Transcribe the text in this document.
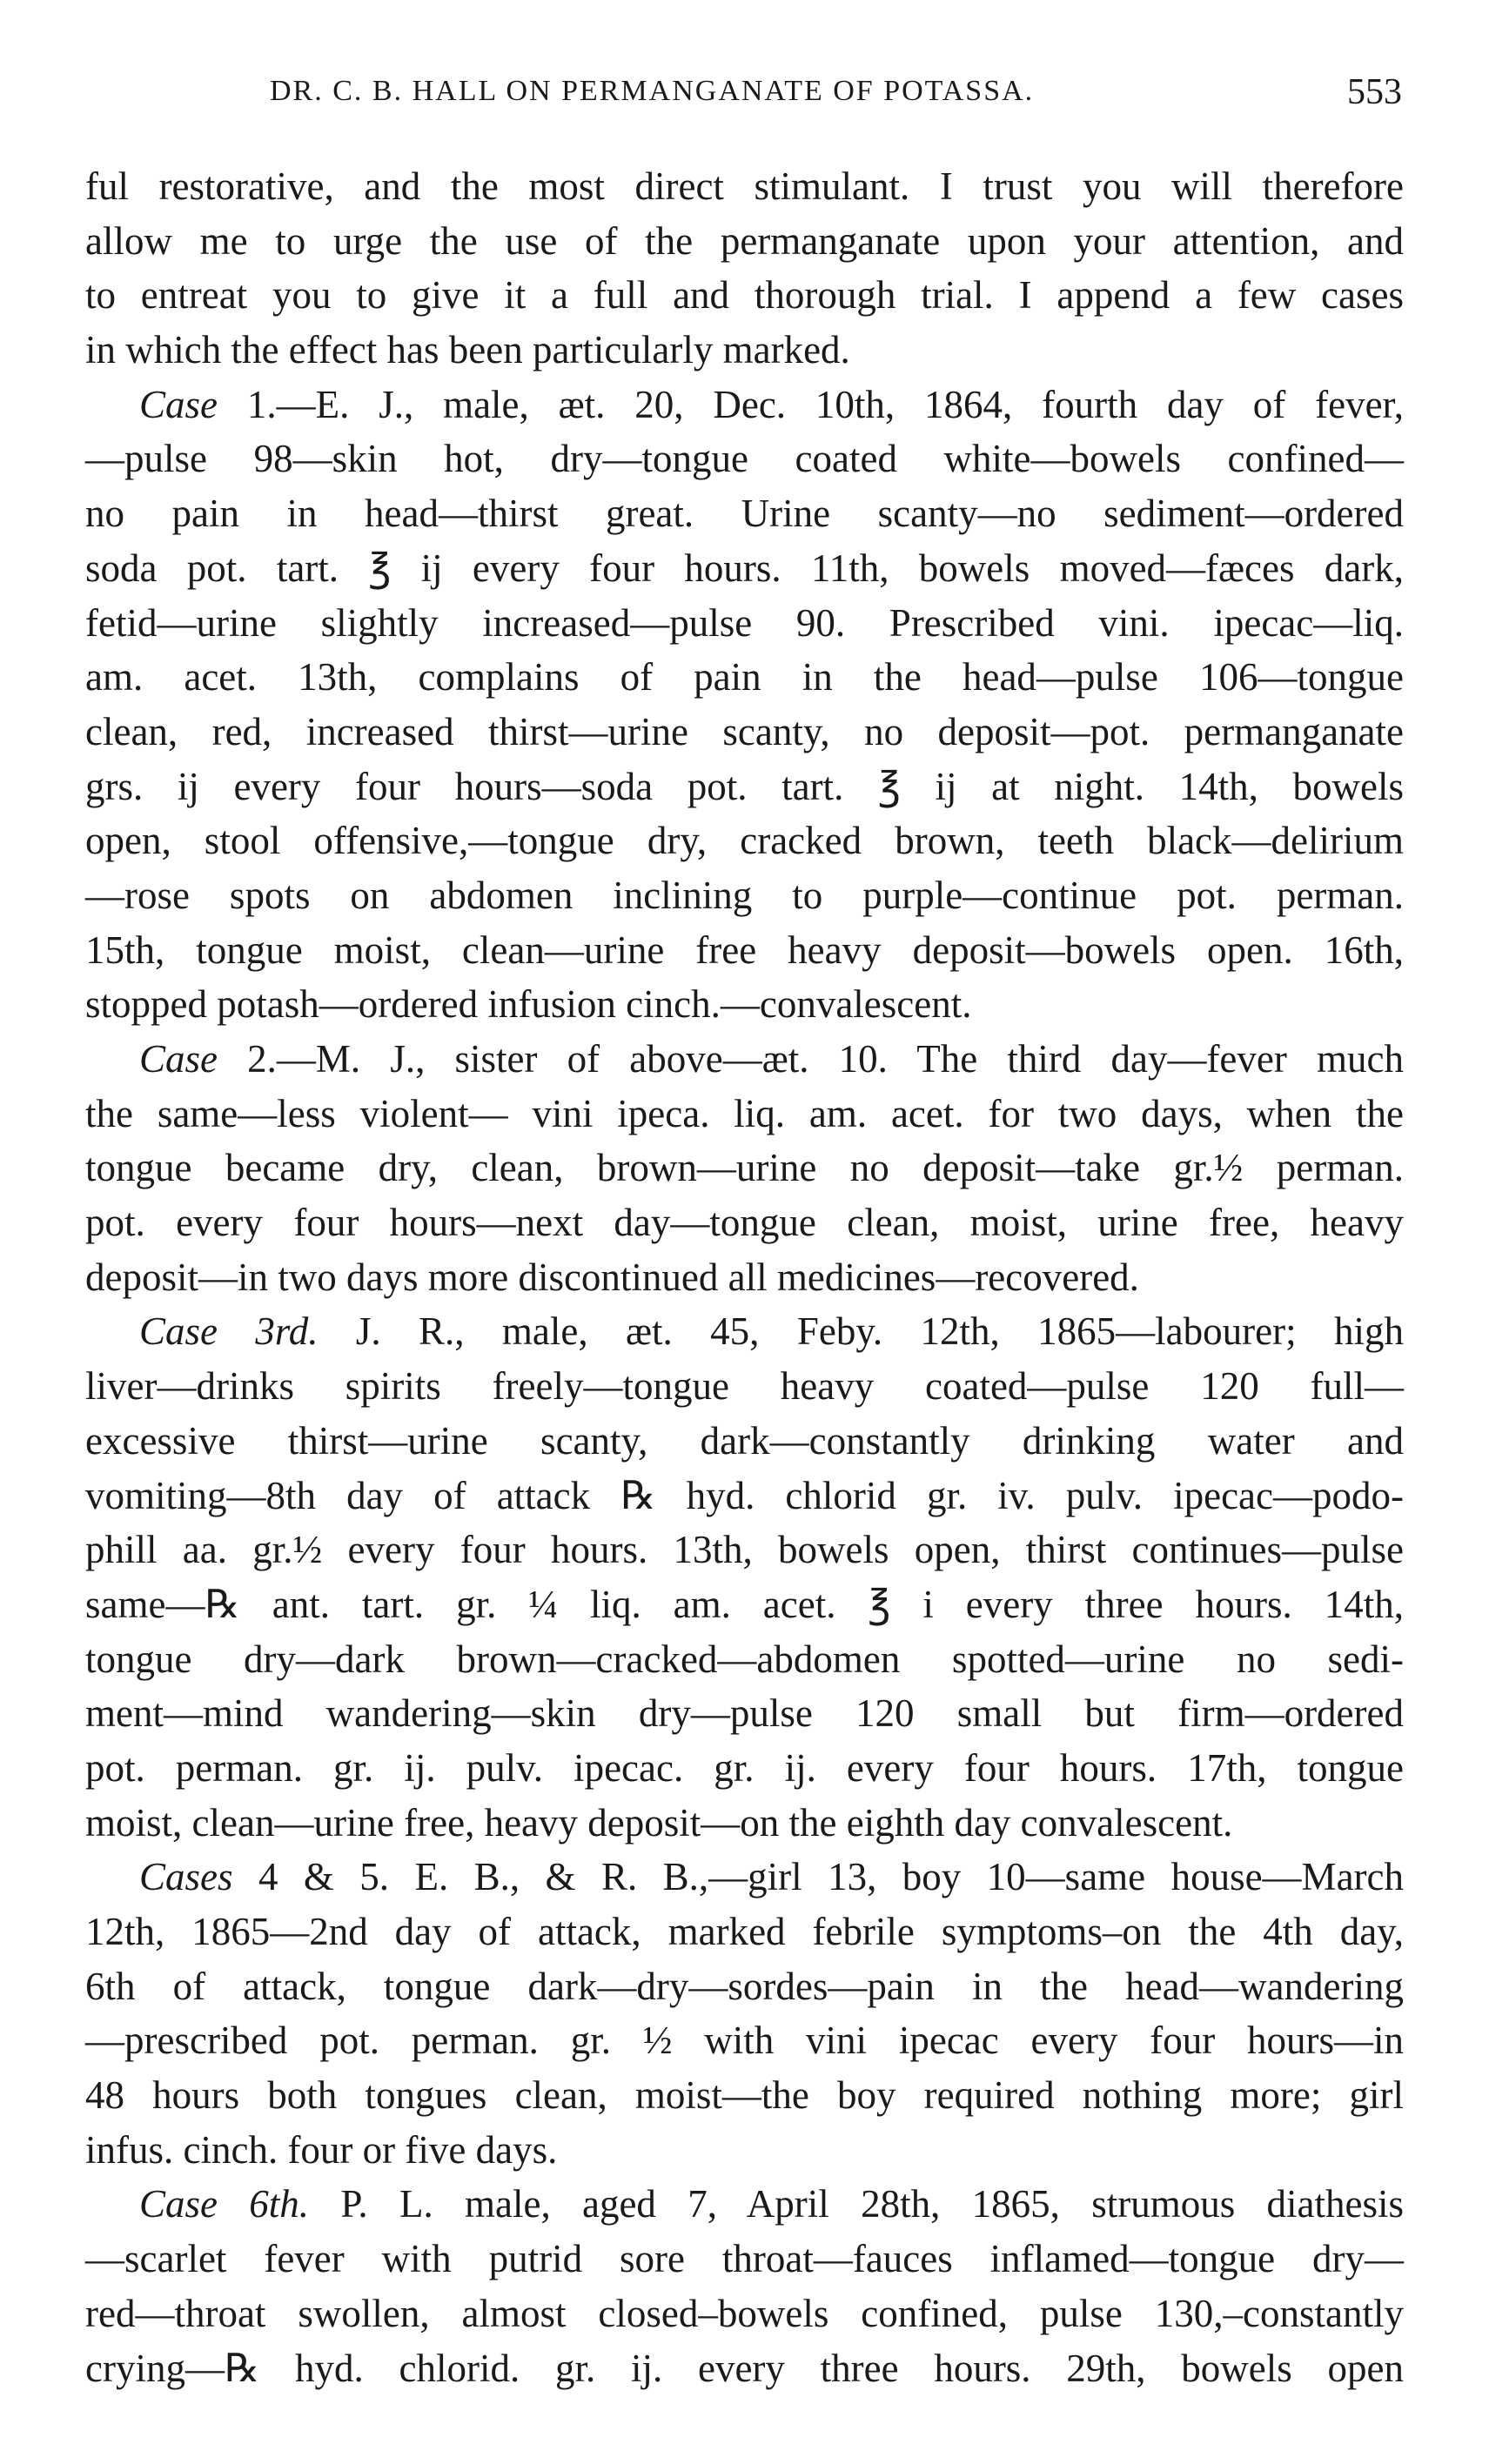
DR. C. B. HALL ON PERMANGANATE OF POTASSA.	553
ful restorative, and the most direct stimulant. I trust you will therefore
allow me to urge the use of the permanganate upon your attention, and
to entreat you to give it a full and thorough trial. I append a few cases
in which the effect has been particularly marked.
Case 1.—E. J., male, æt. 20, Dec. 10th, 1864, fourth day of fever,
—pulse 98—skin hot, dry—tongue coated white—bowels confined—
no pain in head—thirst great. Urine scanty—no sediment—ordered
soda pot. tart. ℥ ij every four hours. 11th, bowels moved—fæces dark,
fetid—urine slightly increased—pulse 90. Prescribed vini. ipecac—liq.
am. acet. 13th, complains of pain in the head—pulse 106—tongue
clean, red, increased thirst—urine scanty, no deposit—pot. permanganate
grs. ij every four hours—soda pot. tart. ℥ ij at night. 14th, bowels
open, stool offensive,—tongue dry, cracked brown, teeth black—delirium
—rose spots on abdomen inclining to purple—continue pot. perman.
15th, tongue moist, clean—urine free heavy deposit—bowels open. 16th,
stopped potash—ordered infusion cinch.—convalescent.
Case 2.—M. J., sister of above—æt. 10. The third day—fever much
the same—less violent— vini ipeca. liq. am. acet. for two days, when the
tongue became dry, clean, brown—urine no deposit—take gr.½ perman.
pot. every four hours—next day—tongue clean, moist, urine free, heavy
deposit—in two days more discontinued all medicines—recovered.
Case 3rd. J. R., male, æt. 45, Feby. 12th, 1865—labourer; high
liver—drinks spirits freely—tongue heavy coated—pulse 120 full—
excessive thirst—urine scanty, dark—constantly drinking water and
vomiting—8th day of attack ℞ hyd. chlorid gr. iv. pulv. ipecac—podo-
phill aa. gr.½ every four hours. 13th, bowels open, thirst continues—pulse
same—℞ ant. tart. gr. ¼ liq. am. acet. ℥ i every three hours. 14th,
tongue dry—dark brown—cracked—abdomen spotted—urine no sedi-
ment—mind wandering—skin dry—pulse 120 small but firm—ordered
pot. perman. gr. ij. pulv. ipecac. gr. ij. every four hours. 17th, tongue
moist, clean—urine free, heavy deposit—on the eighth day convalescent.
Cases 4 & 5. E. B., & R. B.,—girl 13, boy 10—same house—March
12th, 1865—2nd day of attack, marked febrile symptoms–on the 4th day,
6th of attack, tongue dark—dry—sordes—pain in the head—wandering
—prescribed pot. perman. gr. ½ with vini ipecac every four hours—in
48 hours both tongues clean, moist—the boy required nothing more; girl
infus. cinch. four or five days.
Case 6th. P. L. male, aged 7, April 28th, 1865, strumous diathesis
—scarlet fever with putrid sore throat—fauces inflamed—tongue dry—
red—throat swollen, almost closed–bowels confined, pulse 130,–constantly
crying—℞ hyd. chlorid. gr. ij. every three hours. 29th, bowels open
